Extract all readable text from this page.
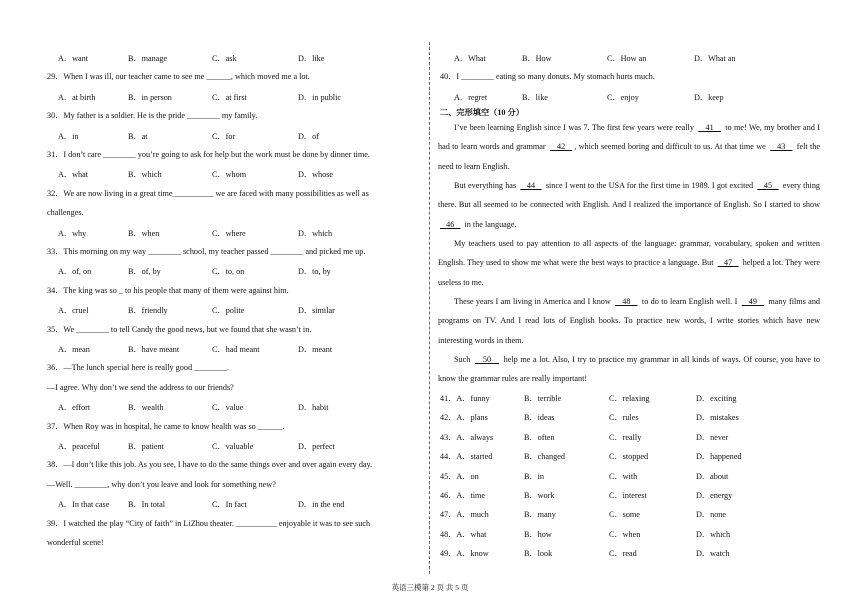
A．want	B．manage	C．ask	D．like
29．When I was ill, our teacher came to see me ______, which moved me a lot.
A．at birth	B．in person	C．at first	D．in public
30．My father is a soldier. He is the pride ________ my family.
A．in	B．at	C．for	D．of
31．I don’t care ________ you’re going to ask for help but the work must be done by dinner time.
A．what	B．which	C．whom	D．whose
32．We are now living in a great time__________ we are faced with many possibilities as well as
challenges.
A．why	B．when	C．where	D．which
33．This morning on my way ________ school, my teacher passed ________ and picked me up.
A．of, on	B．of, by	C．to, on	D．to, by
34．The king was so _ to his people that many of them were against him.
A．cruel	B．friendly	C．polite	D．similar
35．We ________ to tell Candy the good news, but we found that she wasn’t in.
A．mean	B．have meant	C．had meant	D．meant
36．—The lunch special here is really good ________.
—I agree. Why don’t we send the address to our friends?
A．effort	B．wealth	C．value	D．habit
37．When Roy was in hospital, he came to know health was so ______.
A．peaceful	B．patient	C．valuable	D．perfect
38．—I don’t like this job. As you see, I have to do the same things over and over again every day.
—Well. ________, why don’t you leave and look for something new?
A．In that case B．In total	C．In fact	D．in the end
39．I watched the play “City of faith” in LiZhou theater. __________ enjoyable it was to see such
wonderful scene!
A．What	B．How	C．How an	D．What an
40．I ________ eating so many donuts. My stomach hurts much.
A．regret	B．like	C．enjoy	D．keep
二、完形填空（10 分）
I’ve been learning English since I was 7. The first few years were really    41    to me! We, my brother and I had to learn words and grammar    42   , which seemed boring and difficult to us. At that time we    43    felt the need to learn English.
But everything has    44    since I went to the USA for the first time in 1989. I got excited    45    every thing there. But all seemed to be connected with English. And I realized the importance of English. So I started to show    46    in the language.
My teachers used to pay attention to all aspects of the language: grammar, vocabulary, spoken and written English. They used to show me what were the best ways to practice a language. But    47    helped a lot. They were useless to me.
These years I am living in America and I know    48    to do to learn English well. I    49    many films and programs on TV. And I read lots of English books. To practice new words, I write stories which have new interesting words in them.
Such    50    help me a lot. Also, I try to practice my grammar in all kinds of ways. Of course, you have to know the grammar rules are really important!
41．A．funny	B．terrible	C．relaxing	D．exciting
42．A．plans	B．ideas	C．rules	D．mistakes
43．A．always	B．often	C．really	D．never
44．A．started	B．changed	C．stopped	D．happened
45．A．on	B．in	C．with	D．about
46．A．time	B．work	C．interest	D．energy
47．A．much	B．many	C．some	D．none
48．A．what	B．how	C．when	D．which
49．A．know	B．look	C．read	D．watch
英语三模第 2 页 共 5 页
